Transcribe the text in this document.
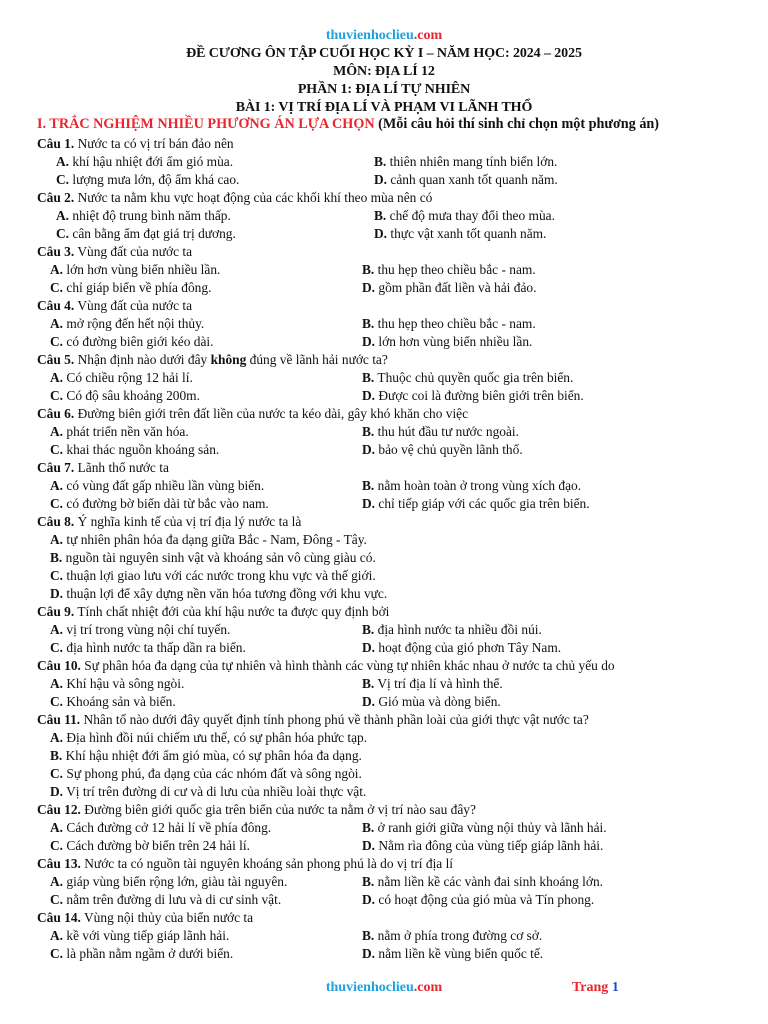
thuvienhoclieu.com
ĐỀ CƯƠNG ÔN TẬP CUỐI HỌC KỲ I – NĂM HỌC: 2024 – 2025
MÔN: ĐỊA LÍ 12
PHẦN 1: ĐỊA LÍ TỰ NHIÊN
BÀI 1: VỊ TRÍ ĐỊA LÍ VÀ PHẠM VI LÃNH THỔ
I. TRẮC NGHIỆM NHIỀU PHƯƠNG ÁN LỰA CHỌN (Mỗi câu hỏi thí sinh chỉ chọn một phương án)
Câu 1. Nước ta có vị trí bán đảo nên
A. khí hậu nhiệt đới ẩm gió mùa.	B. thiên nhiên mang tính biển lớn.
C. lượng mưa lớn, độ ẩm khá cao.	D. cảnh quan xanh tốt quanh năm.
Câu 2. Nước ta nằm khu vực hoạt động của các khối khí theo mùa nên có
A. nhiệt độ trung bình năm thấp.	B. chế độ mưa thay đổi theo mùa.
C. cân bằng ẩm đạt giá trị dương.	D. thực vật xanh tốt quanh năm.
Câu 3. Vùng đất của nước ta
A. lớn hơn vùng biển nhiều lần.	B. thu hẹp theo chiều bắc - nam.
C. chỉ giáp biển về phía đông.	D. gồm phần đất liền và hải đảo.
Câu 4. Vùng đất của nước ta
A. mở rộng đến hết nội thủy.	B. thu hẹp theo chiều bắc - nam.
C. có đường biên giới kéo dài.	D. lớn hơn vùng biển nhiều lần.
Câu 5. Nhận định nào dưới đây không đúng về lãnh hải nước ta?
A. Có chiều rộng 12 hải lí.	B. Thuộc chủ quyền quốc gia trên biển.
C. Có độ sâu khoảng 200m.	D. Được coi là đường biên giới trên biển.
Câu 6. Đường biên giới trên đất liền của nước ta kéo dài, gây khó khăn cho việc
A. phát triển nền văn hóa.	B. thu hút đầu tư nước ngoài.
C. khai thác nguồn khoáng sản.	D. bảo vệ chủ quyền lãnh thổ.
Câu 7. Lãnh thổ nước ta
A. có vùng đất gấp nhiều lần vùng biển.	B. nằm hoàn toàn ở trong vùng xích đạo.
C. có đường bờ biển dài từ bắc vào nam.	D. chỉ tiếp giáp với các quốc gia trên biển.
Câu 8. Ý nghĩa kinh tế của vị trí địa lý nước ta là
A. tự nhiên phân hóa đa dạng giữa Bắc - Nam, Đông - Tây.
B. nguồn tài nguyên sinh vật và khoáng sản vô cùng giàu có.
C. thuận lợi giao lưu với các nước trong khu vực và thế giới.
D. thuận lợi để xây dựng nền văn hóa tương đồng với khu vực.
Câu 9. Tính chất nhiệt đới của khí hậu nước ta được quy định bởi
A. vị trí trong vùng nội chí tuyến.	B. địa hình nước ta nhiều đồi núi.
C. địa hình nước ta thấp dần ra biển.	D. hoạt động của gió phơn Tây Nam.
Câu 10. Sự phân hóa đa dạng của tự nhiên và hình thành các vùng tự nhiên khác nhau ở nước ta chủ yếu do
A. Khí hậu và sông ngòi.	B. Vị trí địa lí và hình thể.
C. Khoáng sản và biển.	D. Gió mùa và dòng biển.
Câu 11. Nhân tố nào dưới đây quyết định tính phong phú về thành phần loài của giới thực vật nước ta?
A. Địa hình đồi núi chiếm ưu thế, có sự phân hóa phức tạp.
B. Khí hậu nhiệt đới ẩm gió mùa, có sự phân hóa đa dạng.
C. Sự phong phú, đa dạng của các nhóm đất và sông ngòi.
D. Vị trí trên đường di cư và di lưu của nhiều loài thực vật.
Câu 12. Đường biên giới quốc gia trên biển của nước ta nằm ở vị trí nào sau đây?
A. Cách đường cở 12 hải lí về phía đông.	B. ở ranh giới giữa vùng nội thủy và lãnh hải.
C. Cách đường bờ biển trên 24 hải lí.	D. Nằm rìa đông của vùng tiếp giáp lãnh hải.
Câu 13. Nước ta có nguồn tài nguyên khoáng sản phong phú là do vị trí địa lí
A. giáp vùng biển rộng lớn, giàu tài nguyên.	B. nằm liền kề các vành đai sinh khoáng lớn.
C. nằm trên đường di lưu và di cư sinh vật.	D. có hoạt động của gió mùa và Tín phong.
Câu 14. Vùng nội thủy của biển nước ta
A. kề với vùng tiếp giáp lãnh hải.	B. nằm ở phía trong đường cơ sở.
C. là phần nằm ngầm ở dưới biển.	D. nằm liền kề vùng biển quốc tế.
thuvienhoclieu.com	Trang 1
